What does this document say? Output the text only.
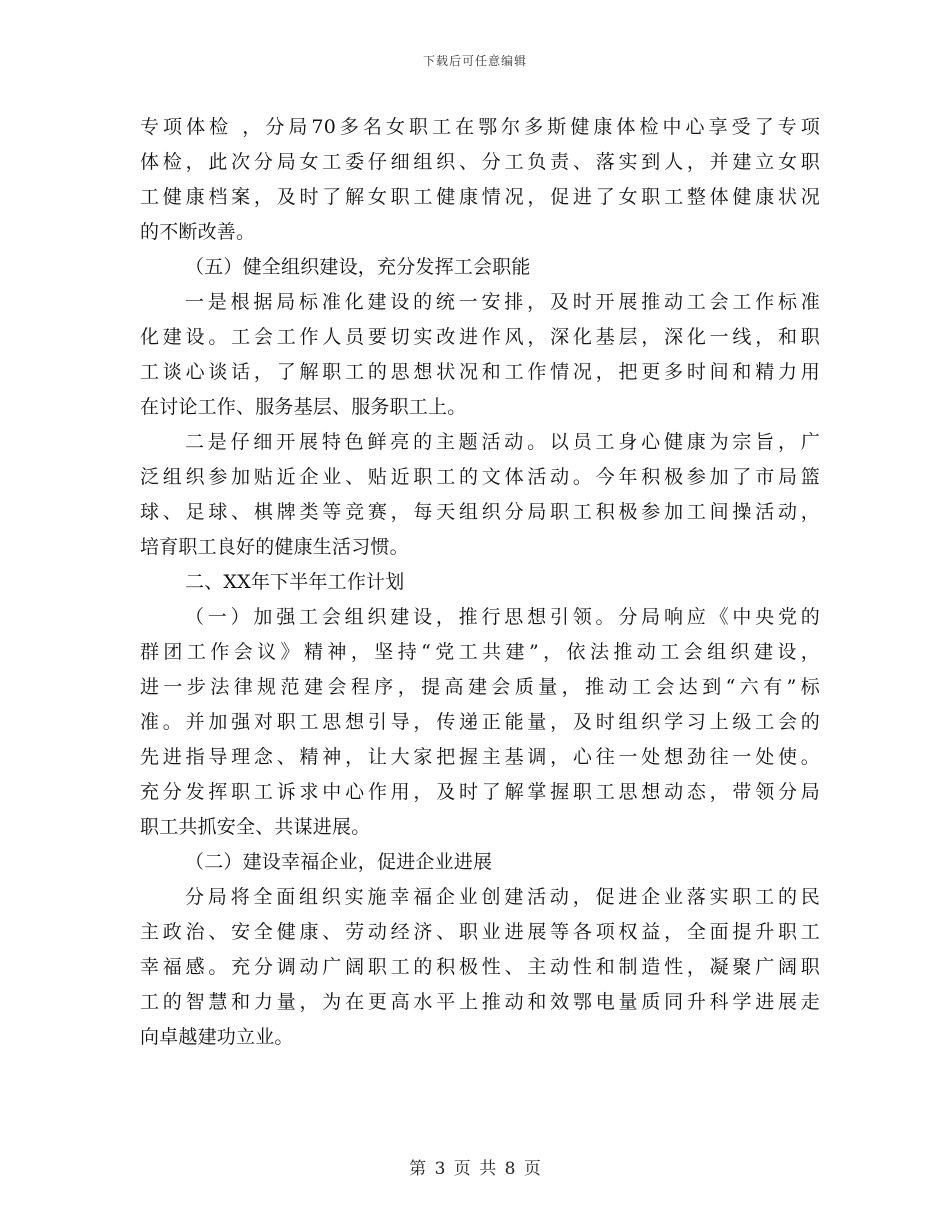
下载后可任意编辑
专项体检 ，分局70多名女职工在鄂尔多斯健康体检中心享受了专项
体检，此次分局女工委仔细组织、分工负责、落实到人，并建立女职
工健康档案，及时了解女职工健康情况，促进了女职工整体健康状况
的不断改善。
（五）健全组织建设，充分发挥工会职能
一是根据局标准化建设的统一安排，及时开展推动工会工作标准
化建设。工会工作人员要切实改进作风，深化基层，深化一线，和职
工谈心谈话，了解职工的思想状况和工作情况，把更多时间和精力用
在讨论工作、服务基层、服务职工上。
二是仔细开展特色鲜亮的主题活动。以员工身心健康为宗旨，广
泛组织参加贴近企业、贴近职工的文体活动。今年积极参加了市局篮
球、足球、棋牌类等竞赛，每天组织分局职工积极参加工间操活动，
培育职工良好的健康生活习惯。
二、XX年下半年工作计划
（一）加强工会组织建设，推行思想引领。分局响应《中央党的
群团工作会议》精神，坚持“党工共建”，依法推动工会组织建设，
进一步法律规范建会程序，提高建会质量，推动工会达到“六有”标
准。并加强对职工思想引导，传递正能量，及时组织学习上级工会的
先进指导理念、精神，让大家把握主基调，心往一处想劲往一处使。
充分发挥职工诉求中心作用，及时了解掌握职工思想动态，带领分局
职工共抓安全、共谋进展。
（二）建设幸福企业，促进企业进展
分局将全面组织实施幸福企业创建活动，促进企业落实职工的民
主政治、安全健康、劳动经济、职业进展等各项权益，全面提升职工
幸福感。充分调动广阔职工的积极性、主动性和制造性，凝聚广阔职
工的智慧和力量，为在更高水平上推动和效鄂电量质同升科学进展走
向卓越建功立业。
第 3 页 共 8 页
